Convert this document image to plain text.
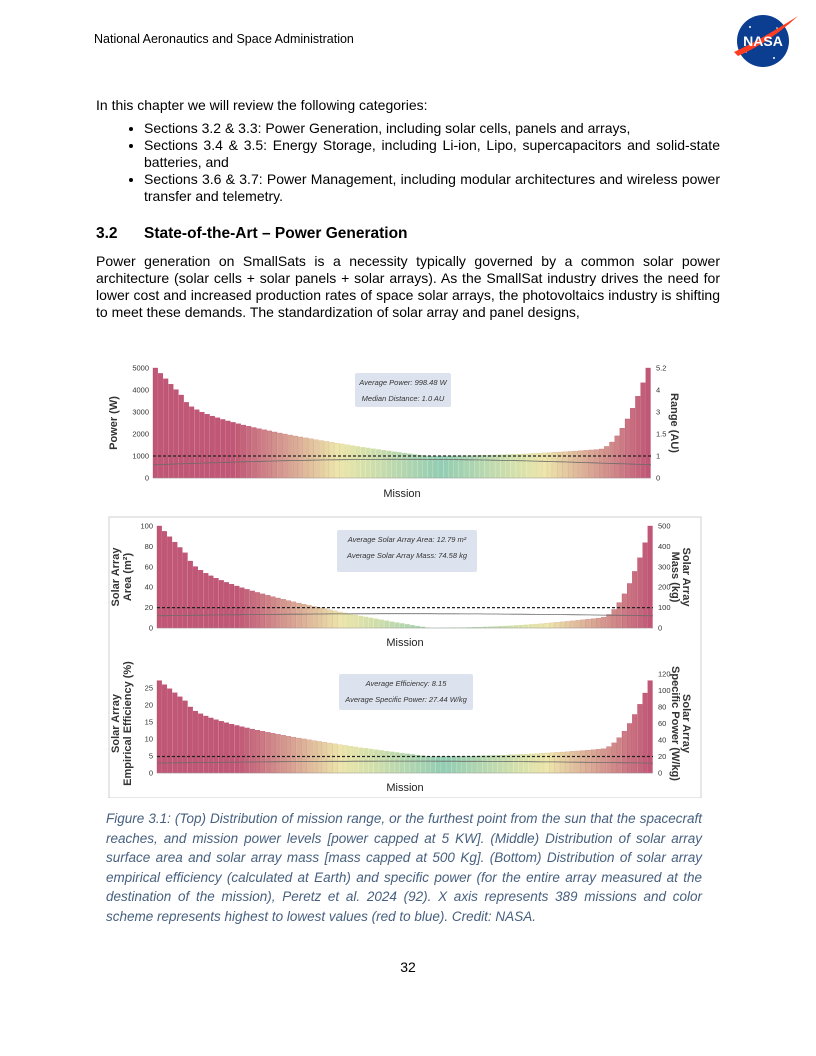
National Aeronautics and Space Administration	NASA
In this chapter we will review the following categories:
• Sections 3.2 & 3.3: Power Generation, including solar cells, panels and arrays,
• Sections 3.4 & 3.5: Energy Storage, including Li-ion, Lipo, supercapacitors and solid-state batteries, and
• Sections 3.6 & 3.7: Power Management, including modular architectures and wireless power transfer and telemetry.
3.2 State-of-the-Art – Power Generation
Power generation on SmallSats is a necessity typically governed by a common solar power architecture (solar cells + solar panels + solar arrays). As the SmallSat industry drives the need for lower cost and increased production rates of space solar arrays, the photovoltaics industry is shifting to meet these demands. The standardization of solar array and panel designs,
0
1000
2000
3000
4000
5000
0
1
1.5
3
4
5.2
Power (W)	Range (AU)
Mission
Average Power: 998.48 W
Median Distance: 1.0 AU
0
20
40
60
80
100
0
100
200
300
400
500
Solar Array Area (m²)	Solar Array
Mass (kg)
Mission
Average Solar Array Area: 12.79 m²
Average Solar Array Mass: 74.58 kg
0
5
10
15
20
25
0
20
40
60
80
100
120
Solar Array Empirical Efficiency (%)	Solar Array
Specific Power (W/kg)
Mission
Average Efficiency: 8.15
Average Specific Power: 27.44 W/kg
Figure 3.1: (Top) Distribution of mission range, or the furthest point from the sun that the spacecraft reaches, and mission power levels [power capped at 5 KW]. (Middle) Distribution of solar array surface area and solar array mass [mass capped at 500 Kg]. (Bottom) Distribution of solar array empirical efficiency (calculated at Earth) and specific power (for the entire array measured at the destination of the mission), Peretz et al. 2024 (92). X axis represents 389 missions and color scheme represents highest to lowest values (red to blue). Credit: NASA.
32
